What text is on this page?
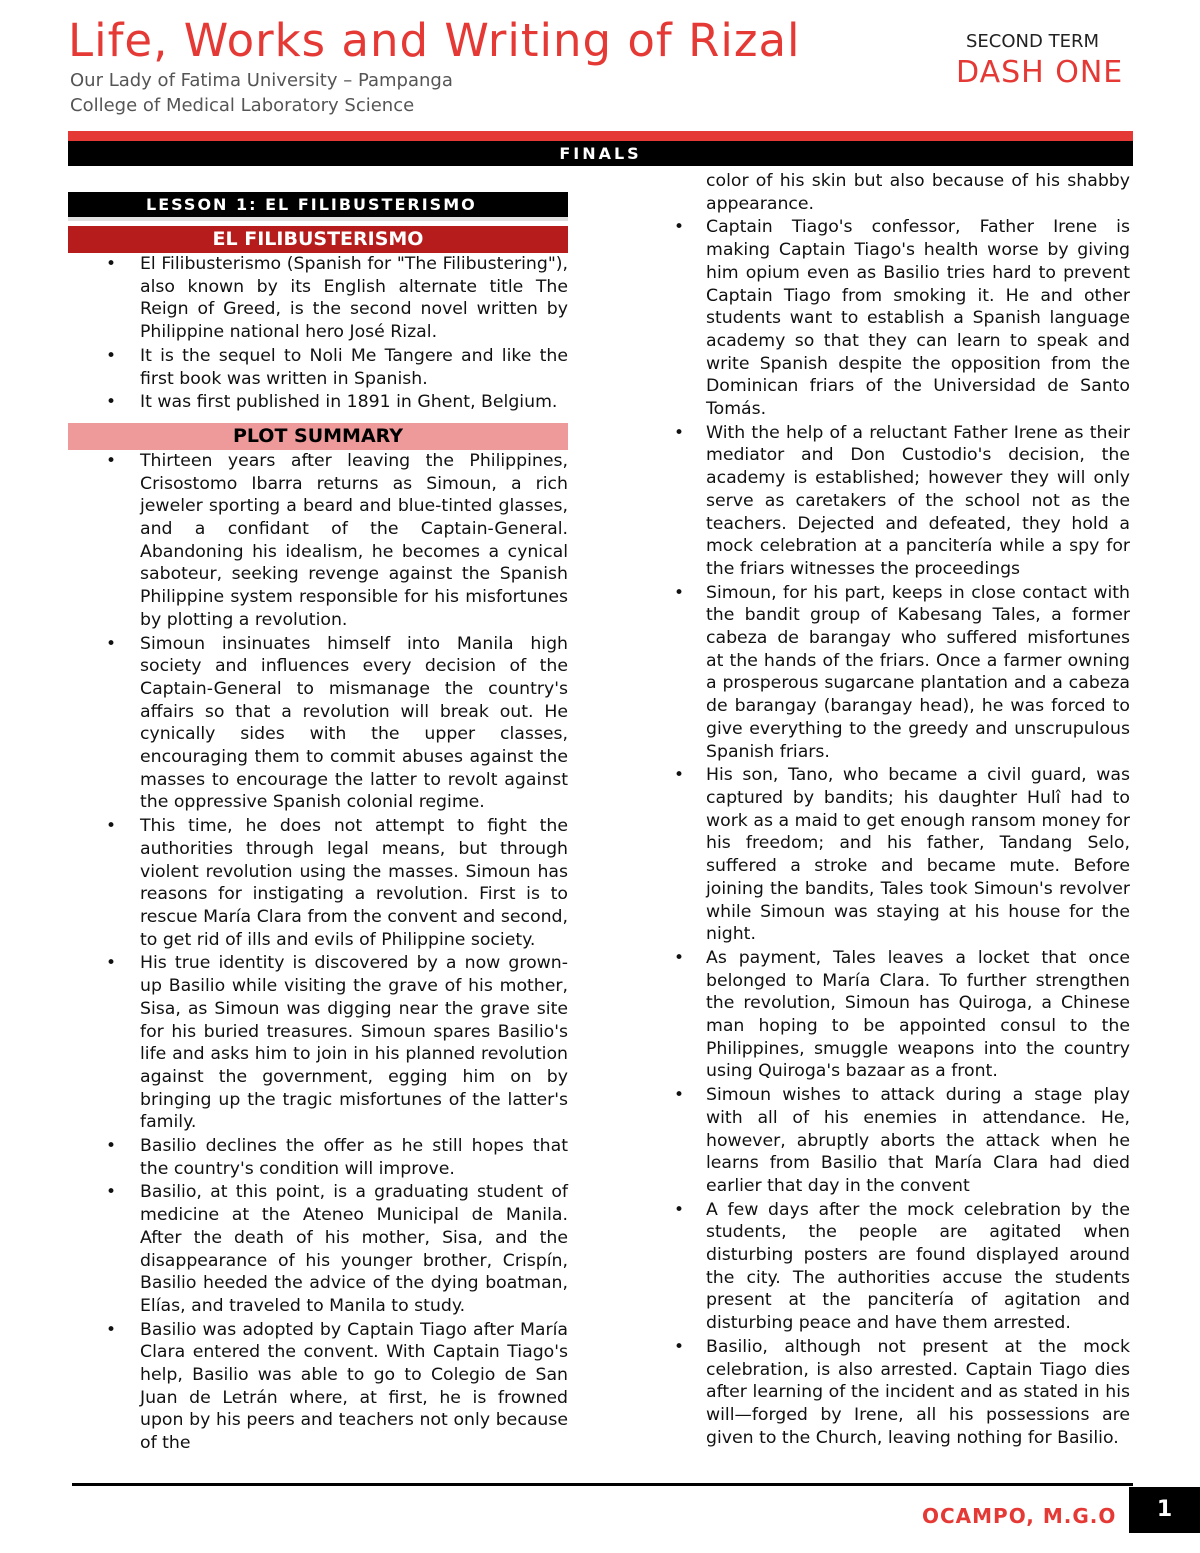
Life, Works and Writing of Rizal
Our Lady of Fatima University – Pampanga
College of Medical Laboratory Science
SECOND TERM
DASH ONE
FINALS
LESSON 1: EL FILIBUSTERISMO
EL FILIBUSTERISMO
• El Filibusterismo (Spanish for "The Filibustering"), also known by its English alternate title The Reign of Greed, is the second novel written by Philippine national hero José Rizal.
• It is the sequel to Noli Me Tangere and like the first book was written in Spanish.
• It was first published in 1891 in Ghent, Belgium.
PLOT SUMMARY
• Thirteen years after leaving the Philippines, Crisostomo Ibarra returns as Simoun, a rich jeweler sporting a beard and blue-tinted glasses, and a confidant of the Captain-General. Abandoning his idealism, he becomes a cynical saboteur, seeking revenge against the Spanish Philippine system responsible for his misfortunes by plotting a revolution.
• Simoun insinuates himself into Manila high society and influences every decision of the Captain-General to mismanage the country's affairs so that a revolution will break out. He cynically sides with the upper classes, encouraging them to commit abuses against the masses to encourage the latter to revolt against the oppressive Spanish colonial regime.
• This time, he does not attempt to fight the authorities through legal means, but through violent revolution using the masses. Simoun has reasons for instigating a revolution. First is to rescue María Clara from the convent and second, to get rid of ills and evils of Philippine society.
• His true identity is discovered by a now grown-up Basilio while visiting the grave of his mother, Sisa, as Simoun was digging near the grave site for his buried treasures. Simoun spares Basilio's life and asks him to join in his planned revolution against the government, egging him on by bringing up the tragic misfortunes of the latter's family.
• Basilio declines the offer as he still hopes that the country's condition will improve.
• Basilio, at this point, is a graduating student of medicine at the Ateneo Municipal de Manila. After the death of his mother, Sisa, and the disappearance of his younger brother, Crispín, Basilio heeded the advice of the dying boatman, Elías, and traveled to Manila to study.
• Basilio was adopted by Captain Tiago after María Clara entered the convent. With Captain Tiago's help, Basilio was able to go to Colegio de San Juan de Letrán where, at first, he is frowned upon by his peers and teachers not only because of the
color of his skin but also because of his shabby appearance.
• Captain Tiago's confessor, Father Irene is making Captain Tiago's health worse by giving him opium even as Basilio tries hard to prevent Captain Tiago from smoking it. He and other students want to establish a Spanish language academy so that they can learn to speak and write Spanish despite the opposition from the Dominican friars of the Universidad de Santo Tomás.
• With the help of a reluctant Father Irene as their mediator and Don Custodio's decision, the academy is established; however they will only serve as caretakers of the school not as the teachers. Dejected and defeated, they hold a mock celebration at a pancitería while a spy for the friars witnesses the proceedings
• Simoun, for his part, keeps in close contact with the bandit group of Kabesang Tales, a former cabeza de barangay who suffered misfortunes at the hands of the friars. Once a farmer owning a prosperous sugarcane plantation and a cabeza de barangay (barangay head), he was forced to give everything to the greedy and unscrupulous Spanish friars.
• His son, Tano, who became a civil guard, was captured by bandits; his daughter Hulî had to work as a maid to get enough ransom money for his freedom; and his father, Tandang Selo, suffered a stroke and became mute. Before joining the bandits, Tales took Simoun's revolver while Simoun was staying at his house for the night.
• As payment, Tales leaves a locket that once belonged to María Clara. To further strengthen the revolution, Simoun has Quiroga, a Chinese man hoping to be appointed consul to the Philippines, smuggle weapons into the country using Quiroga's bazaar as a front.
• Simoun wishes to attack during a stage play with all of his enemies in attendance. He, however, abruptly aborts the attack when he learns from Basilio that María Clara had died earlier that day in the convent
• A few days after the mock celebration by the students, the people are agitated when disturbing posters are found displayed around the city. The authorities accuse the students present at the pancitería of agitation and disturbing peace and have them arrested.
• Basilio, although not present at the mock celebration, is also arrested. Captain Tiago dies after learning of the incident and as stated in his will—forged by Irene, all his possessions are given to the Church, leaving nothing for Basilio.
OCAMPO, M.G.O	1
